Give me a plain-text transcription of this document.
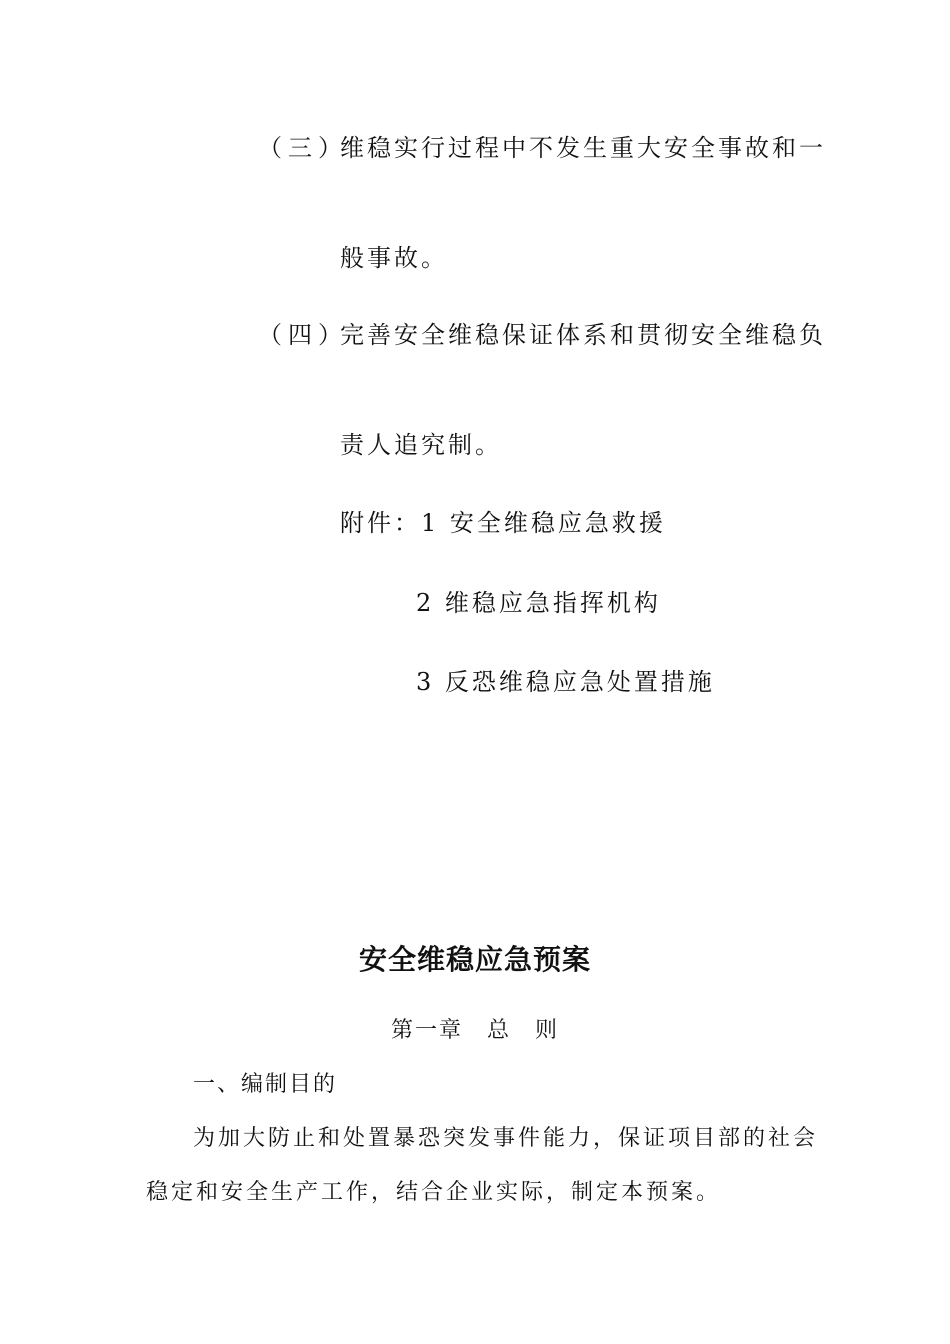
（三）
维稳实行过程中不发生重大安全事故和一
般事故。
（四）
完善安全维稳保证体系和贯彻安全维稳负
责人追究制。
附件：1 安全维稳应急救援
2 维稳应急指挥机构
3 反恐维稳应急处置措施
安全维稳应急预案
第一章　总　则
一、编制目的
为加大防止和处置暴恐突发事件能力，保证项目部的社会
稳定和安全生产工作，结合企业实际，制定本预案。
